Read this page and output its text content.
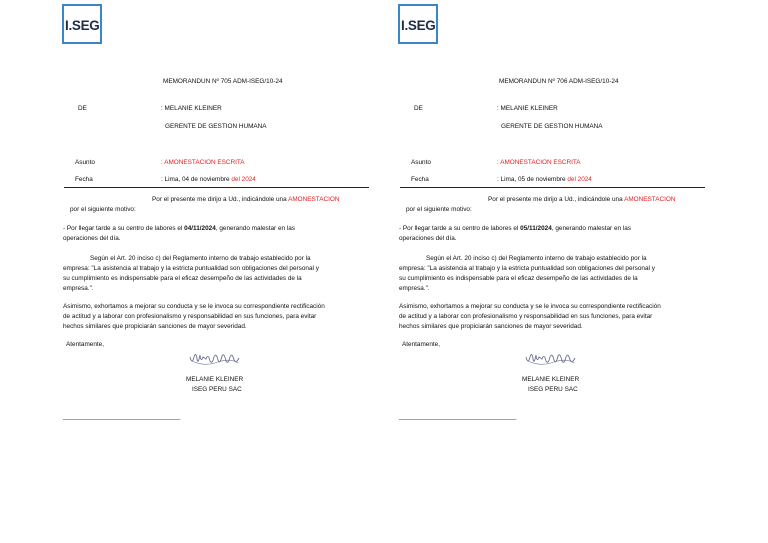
I.SEG
MEMORANDUN Nº 705 ADM-ISEG/10-24
DE	: MELANIE KLEINER
GERENTE DE GESTION HUMANA
Asunto	: AMONESTACION ESCRITA
Fecha	: Lima, 04 de noviembre del 2024
Por el presente me dirijo a Ud., indicándole una AMONESTACION
por el siguiente motivo:
- Por llegar tarde a su centro de labores el 04/11/2024, generando malestar en las
operaciones del día.
Según el Art. 20 inciso c) del Reglamento interno de trabajo establecido por la
empresa: "La asistencia al trabajo y la estricta puntualidad son obligaciones del personal y
su cumplimiento es indispensable para el eficaz desempeño de las actividades de la
empresa.".
Asimismo, exhortamos a mejorar su conducta y se le invoca su correspondiente rectificación
de actitud y a laborar con profesionalismo y responsabilidad en sus funciones, para evitar
hechos similares que propiciarán sanciones de mayor severidad.
Atentamente,
MELANIE KLEINER
ISEG PERU SAC
_________________________________
I.SEG
MEMORANDUN Nº 706 ADM-ISEG/10-24
DE	: MELANIE KLEINER
GERENTE DE GESTION HUMANA
Asunto	: AMONESTACION ESCRITA
Fecha	: Lima, 05 de noviembre del 2024
Por el presente me dirijo a Ud., indicándole una AMONESTACION
por el siguiente motivo:
- Por llegar tarde a su centro de labores el 05/11/2024, generando malestar en las
operaciones del día.
Según el Art. 20 inciso c) del Reglamento interno de trabajo establecido por la
empresa: "La asistencia al trabajo y la estricta puntualidad son obligaciones del personal y
su cumplimiento es indispensable para el eficaz desempeño de las actividades de la
empresa.".
Asimismo, exhortamos a mejorar su conducta y se le invoca su correspondiente rectificación
de actitud y a laborar con profesionalismo y responsabilidad en sus funciones, para evitar
hechos similares que propiciarán sanciones de mayor severidad.
Atentamente,
MELANIE KLEINER
ISEG PERU SAC
_________________________________
